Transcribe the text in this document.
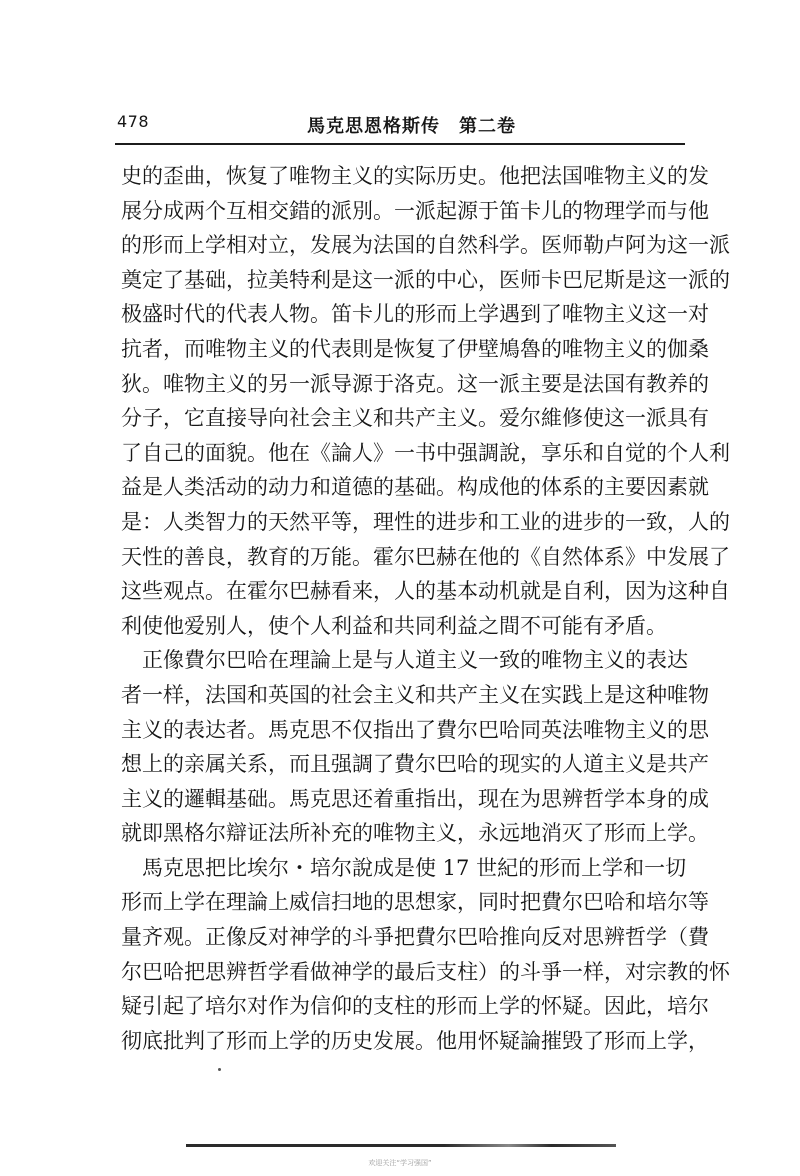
478	馬克思恩格斯传　第二卷
史的歪曲，恢复了唯物主义的实际历史。他把法国唯物主义的发
展分成两个互相交錯的派別。一派起源于笛卡儿的物理学而与他
的形而上学相对立，发展为法国的自然科学。医师勒卢阿为这一派
奠定了基础，拉美特利是这一派的中心，医师卡巴尼斯是这一派的
极盛时代的代表人物。笛卡儿的形而上学遇到了唯物主义这一对
抗者，而唯物主义的代表則是恢复了伊壁鳩魯的唯物主义的伽桑
狄。唯物主义的另一派导源于洛克。这一派主要是法国有教养的
分子，它直接导向社会主义和共产主义。爱尔維修使这一派具有
了自己的面貌。他在《論人》一书中强調說，享乐和自觉的个人利
益是人类活动的动力和道德的基础。构成他的体系的主要因素就
是：人类智力的天然平等，理性的进步和工业的进步的一致，人的
天性的善良，教育的万能。霍尔巴赫在他的《自然体系》中发展了
这些观点。在霍尔巴赫看来，人的基本动机就是自利，因为这种自
利使他爱别人，使个人利益和共同利益之間不可能有矛盾。
正像費尔巴哈在理論上是与人道主义一致的唯物主义的表达
者一样，法国和英国的社会主义和共产主义在实践上是这种唯物
主义的表达者。馬克思不仅指出了費尔巴哈同英法唯物主义的思
想上的亲属关系，而且强調了費尔巴哈的现实的人道主义是共产
主义的邏輯基础。馬克思还着重指出，现在为思辨哲学本身的成
就即黑格尔辯证法所补充的唯物主义，永远地消灭了形而上学。
馬克思把比埃尔・培尔說成是使 17 世紀的形而上学和一切
形而上学在理論上威信扫地的思想家，同时把費尔巴哈和培尔等
量齐观。正像反对神学的斗爭把費尔巴哈推向反对思辨哲学（費
尔巴哈把思辨哲学看做神学的最后支柱）的斗爭一样，对宗教的怀
疑引起了培尔对作为信仰的支柱的形而上学的怀疑。因此，培尔
彻底批判了形而上学的历史发展。他用怀疑論摧毁了形而上学，
欢迎关注“学习强国”
